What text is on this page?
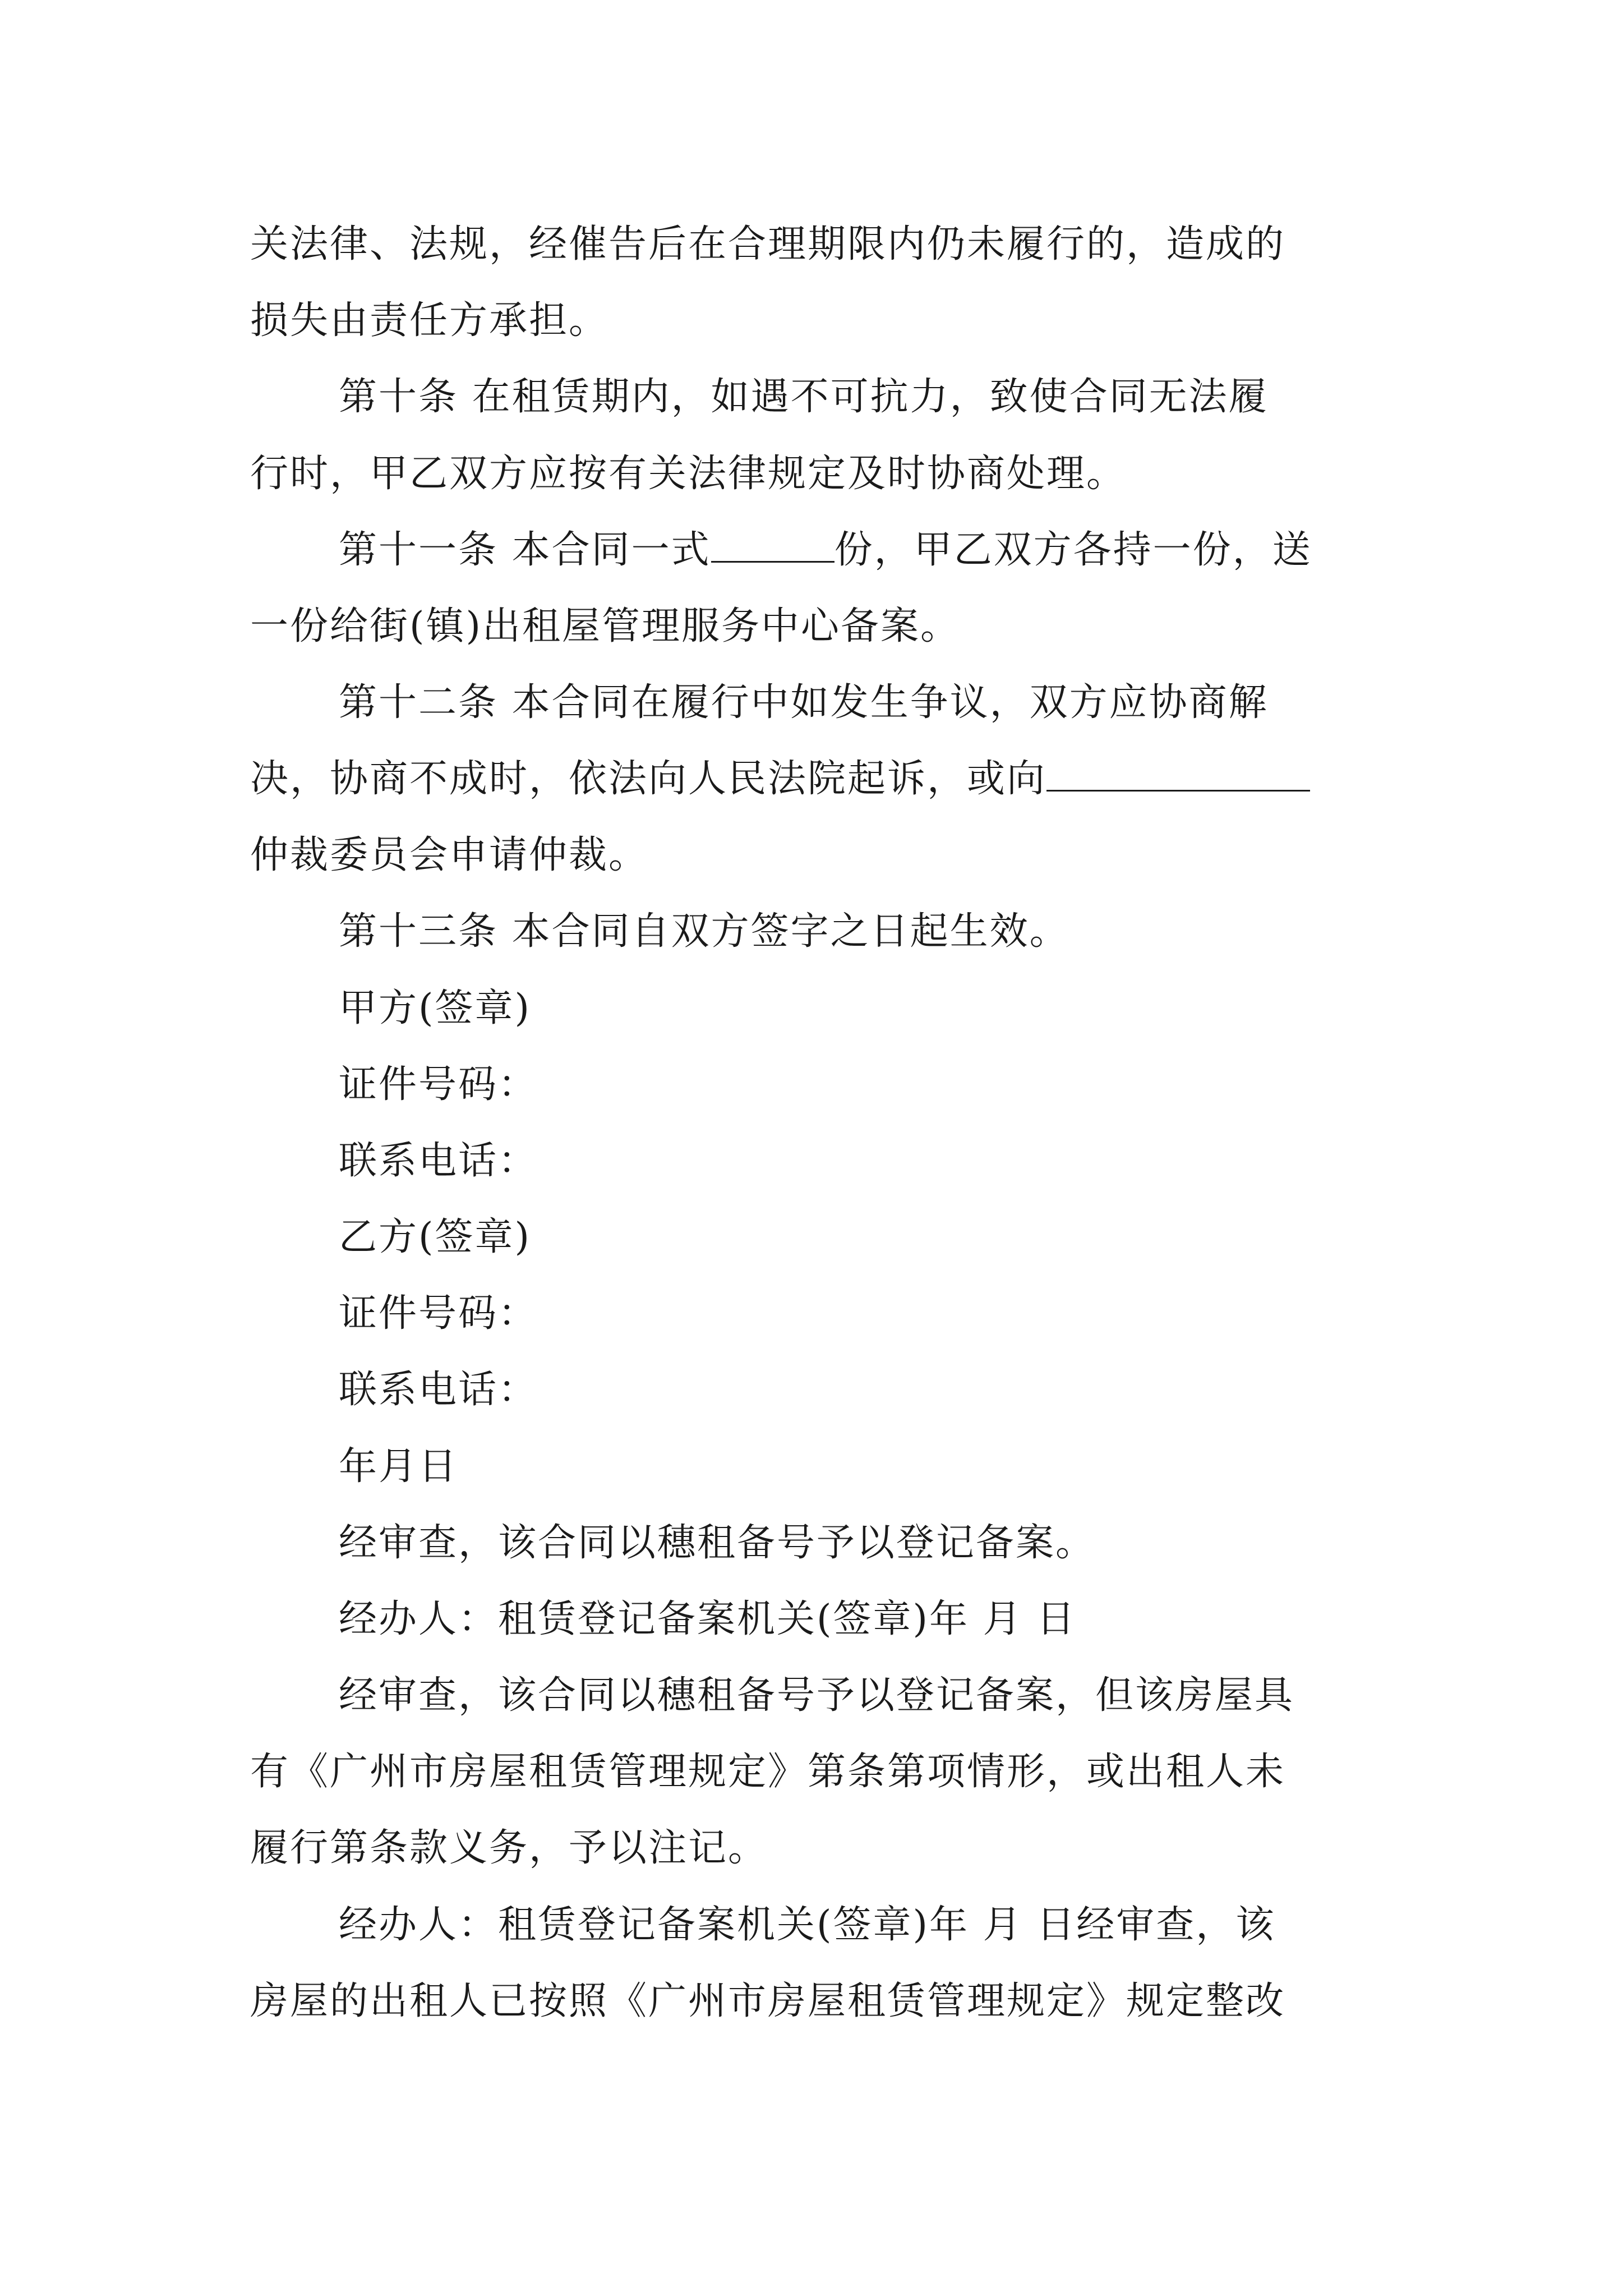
关法律、法规，经催告后在合理期限内仍未履行的，造成的
损失由责任方承担。
第十条 在租赁期内，如遇不可抗力，致使合同无法履
行时，甲乙双方应按有关法律规定及时协商处理。
第十一条 本合同一式	份，甲乙双方各持一份，送
一份给街(镇)出租屋管理服务中心备案。
第十二条 本合同在履行中如发生争议，双方应协商解
决，协商不成时，依法向人民法院起诉，或向
仲裁委员会申请仲裁。
第十三条 本合同自双方签字之日起生效。
甲方(签章)
证件号码：
联系电话：
乙方(签章)
证件号码：
联系电话：
年月日
经审查，该合同以穗租备号予以登记备案。
经办人：租赁登记备案机关(签章)年 月 日
经审查，该合同以穗租备号予以登记备案，但该房屋具
有《广州市房屋租赁管理规定》第条第项情形，或出租人未
履行第条款义务，予以注记。
经办人：租赁登记备案机关(签章)年 月 日经审查，该
房屋的出租人已按照《广州市房屋租赁管理规定》规定整改
